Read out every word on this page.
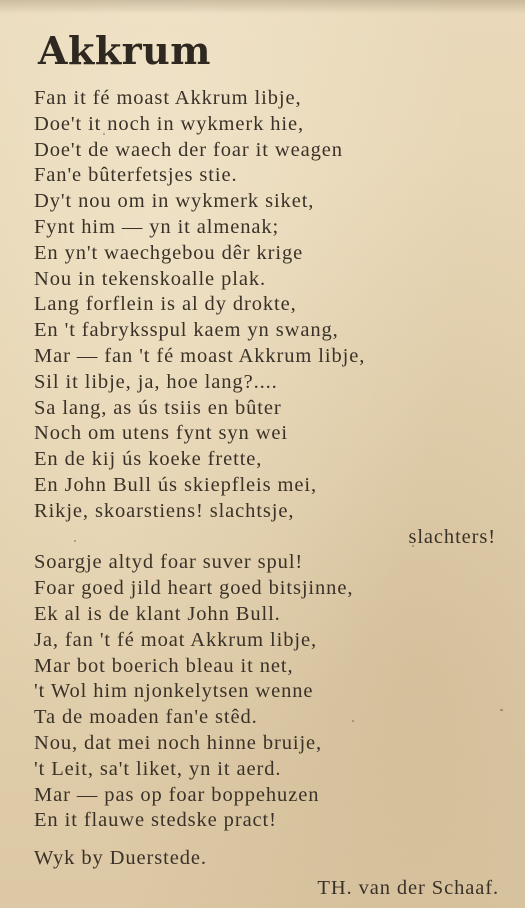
Akkrum
Fan it fé moast Akkrum libje,
Doe't it noch in wykmerk hie,
Doe't de waech der foar it weagen
Fan'e bûterfetsjes stie.
Dy't nou om in wykmerk siket,
Fynt him — yn it almenak;
En yn't waechgebou dêr krige
Nou in tekenskoalle plak.
Lang forflein is al dy drokte,
En 't fabryksspul kaem yn swang,
Mar — fan 't fé moast Akkrum libje,
Sil it libje, ja, hoe lang?....
Sa lang, as ús tsiis en bûter
Noch om utens fynt syn wei
En de kij ús koeke frette,
En John Bull ús skiepfleis mei,
Rikje, skoarstiens! slachtsje,
slachters!
Soargje altyd foar suver spul!
Foar goed jild heart goed bitsjinne,
Ek al is de klant John Bull.
Ja, fan 't fé moat Akkrum libje,
Mar bot boerich bleau it net,
't Wol him njonkelytsen wenne
Ta de moaden fan'e stêd.
Nou, dat mei noch hinne bruije,
't Leit, sa't liket, yn it aerd.
Mar — pas op foar boppehuzen
En it flauwe stedske pract!
Wyk by Duerstede.
TH. van der Schaaf.
